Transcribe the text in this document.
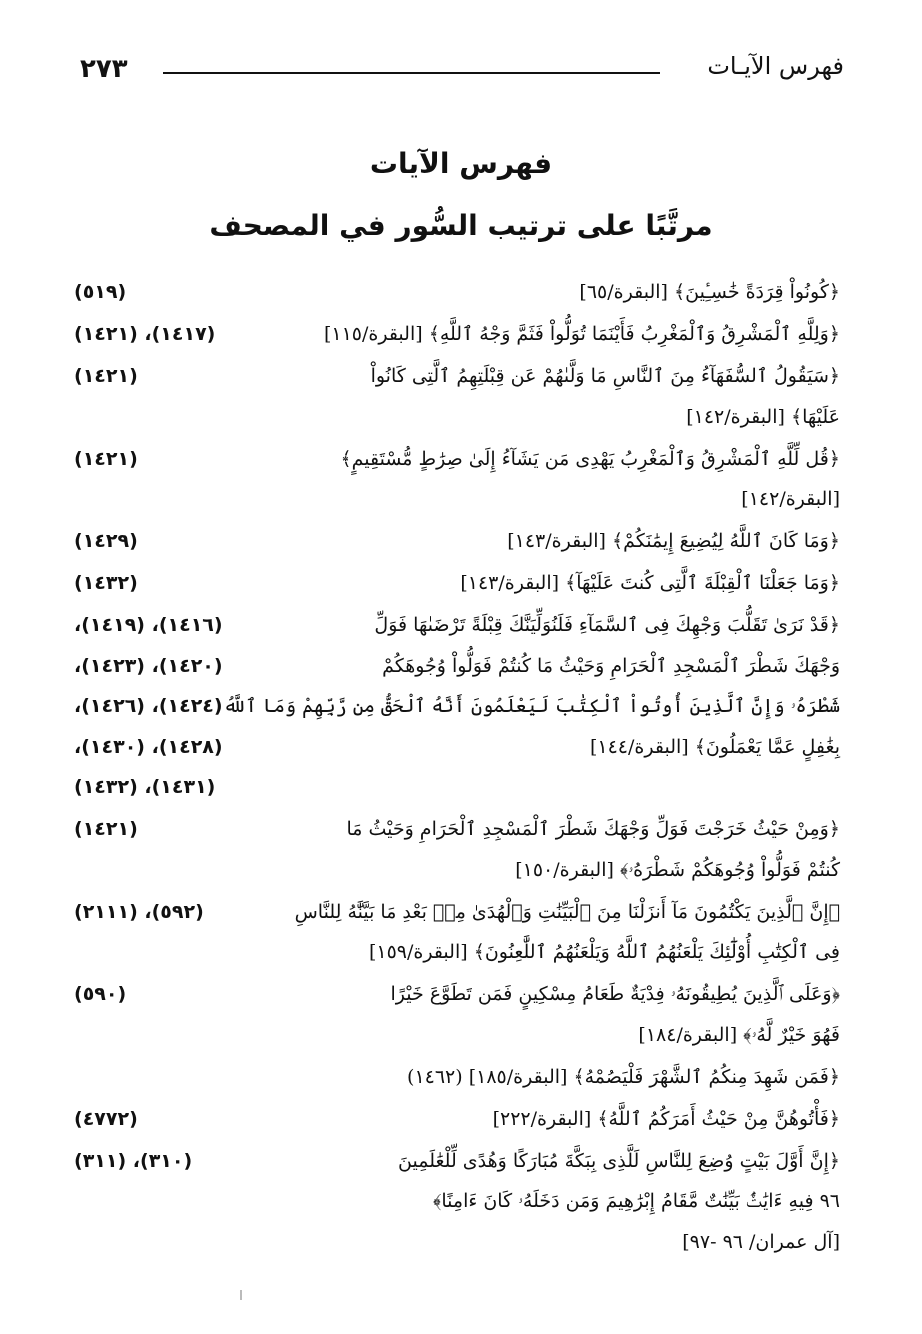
٢٧٣	فهرس الآيـات
فهرس الآيات
مرتَّبًا على ترتيب السُّور في المصحف
﴿كُونُواْ قِرَدَةً خَٰسِـِٔينَ﴾ [البقرة/٦٥]
(٥١٩)
﴿وَلِلَّهِ ٱلْمَشْرِقُ وَٱلْمَغْرِبُ فَأَيْنَمَا تُوَلُّواْ فَثَمَّ وَجْهُ ٱللَّهِ﴾ [البقرة/١١٥]
(١٤١٧)، (١٤٢١)
﴿سَيَقُولُ ٱلسُّفَهَآءُ مِنَ ٱلنَّاسِ مَا وَلَّىٰهُمْ عَن قِبْلَتِهِمُ ٱلَّتِى كَانُواْ
(١٤٢١)
عَلَيْهَا﴾ [البقرة/١٤٢]
﴿قُل لِّلَّهِ ٱلْمَشْرِقُ وَٱلْمَغْرِبُ يَهْدِى مَن يَشَآءُ إِلَىٰ صِرَٰطٍ مُّسْتَقِيمٍ﴾
(١٤٢١)
[البقرة/١٤٢]
﴿وَمَا كَانَ ٱللَّهُ لِيُضِيعَ إِيمَٰنَكُمْ﴾ [البقرة/١٤٣]
(١٤٢٩)
﴿وَمَا جَعَلْنَا ٱلْقِبْلَةَ ٱلَّتِى كُنتَ عَلَيْهَآ﴾ [البقرة/١٤٣]
(١٤٣٢)
﴿قَدْ نَرَىٰ تَقَلُّبَ وَجْهِكَ فِى ٱلسَّمَآءِ فَلَنُوَلِّيَنَّكَ قِبْلَةً تَرْضَىٰهَا فَوَلِّ
(١٤١٦)، (١٤١٩)،
وَجْهَكَ شَطْرَ ٱلْمَسْجِدِ ٱلْحَرَامِ وَحَيْثُ مَا كُنتُمْ فَوَلُّواْ وُجُوهَكُمْ
(١٤٢٠)، (١٤٢٣)،
شَطْرَهُۥ وَإِنَّ ٱلَّذِينَ أُوتُواْ ٱلْكِتَٰبَ لَيَعْلَمُونَ أَنَّهُ ٱلْحَقُّ مِن رَّبِّهِمْ وَمَا ٱللَّهُ
(١٤٢٤)، (١٤٢٦)،
بِغَٰفِلٍ عَمَّا يَعْمَلُونَ﴾ [البقرة/١٤٤]
(١٤٢٨)، (١٤٣٠)،
(١٤٣١)، (١٤٣٢)
﴿وَمِنْ حَيْثُ خَرَجْتَ فَوَلِّ وَجْهَكَ شَطْرَ ٱلْمَسْجِدِ ٱلْحَرَامِ وَحَيْثُ مَا
(١٤٢١)
كُنتُمْ فَوَلُّواْ وُجُوهَكُمْ شَطْرَهُۥ﴾ [البقرة/١٥٠]
﴿إِنَّ ٱلَّذِينَ يَكْتُمُونَ مَآ أَنزَلْنَا مِنَ ٱلْبَيِّنَٰتِ وَٱلْهُدَىٰ مِنۢ بَعْدِ مَا بَيَّنَّٰهُ لِلنَّاسِ
(٥٩٢)، (٢١١١)
فِى ٱلْكِتَٰبِ أُوْلَٰٓئِكَ يَلْعَنُهُمُ ٱللَّهُ وَيَلْعَنُهُمُ ٱللَّٰعِنُونَ﴾ [البقرة/١٥٩]
﴿وَعَلَى ٱلَّذِينَ يُطِيقُونَهُۥ فِدْيَةٌ طَعَامُ مِسْكِينٍ فَمَن تَطَوَّعَ خَيْرًا
(٥٩٠)
فَهُوَ خَيْرٌ لَّهُۥ﴾ [البقرة/١٨٤]
﴿فَمَن شَهِدَ مِنكُمُ ٱلشَّهْرَ فَلْيَصُمْهُ﴾ [البقرة/١٨٥] (١٤٦٢)
﴿فَأْتُوهُنَّ مِنْ حَيْثُ أَمَرَكُمُ ٱللَّهُ﴾ [البقرة/٢٢٢]
(٤٧٧٢)
﴿إِنَّ أَوَّلَ بَيْتٍ وُضِعَ لِلنَّاسِ لَلَّذِى بِبَكَّةَ مُبَارَكًا وَهُدًى لِّلْعَٰلَمِينَ
(٣١٠)، (٣١١)
٩٦ فِيهِ ءَايَٰتٌۢ بَيِّنَٰتٌ مَّقَامُ إِبْرَٰهِيمَ وَمَن دَخَلَهُۥ كَانَ ءَامِنًا﴾
[آل عمران/ ٩٦ -٩٧]
